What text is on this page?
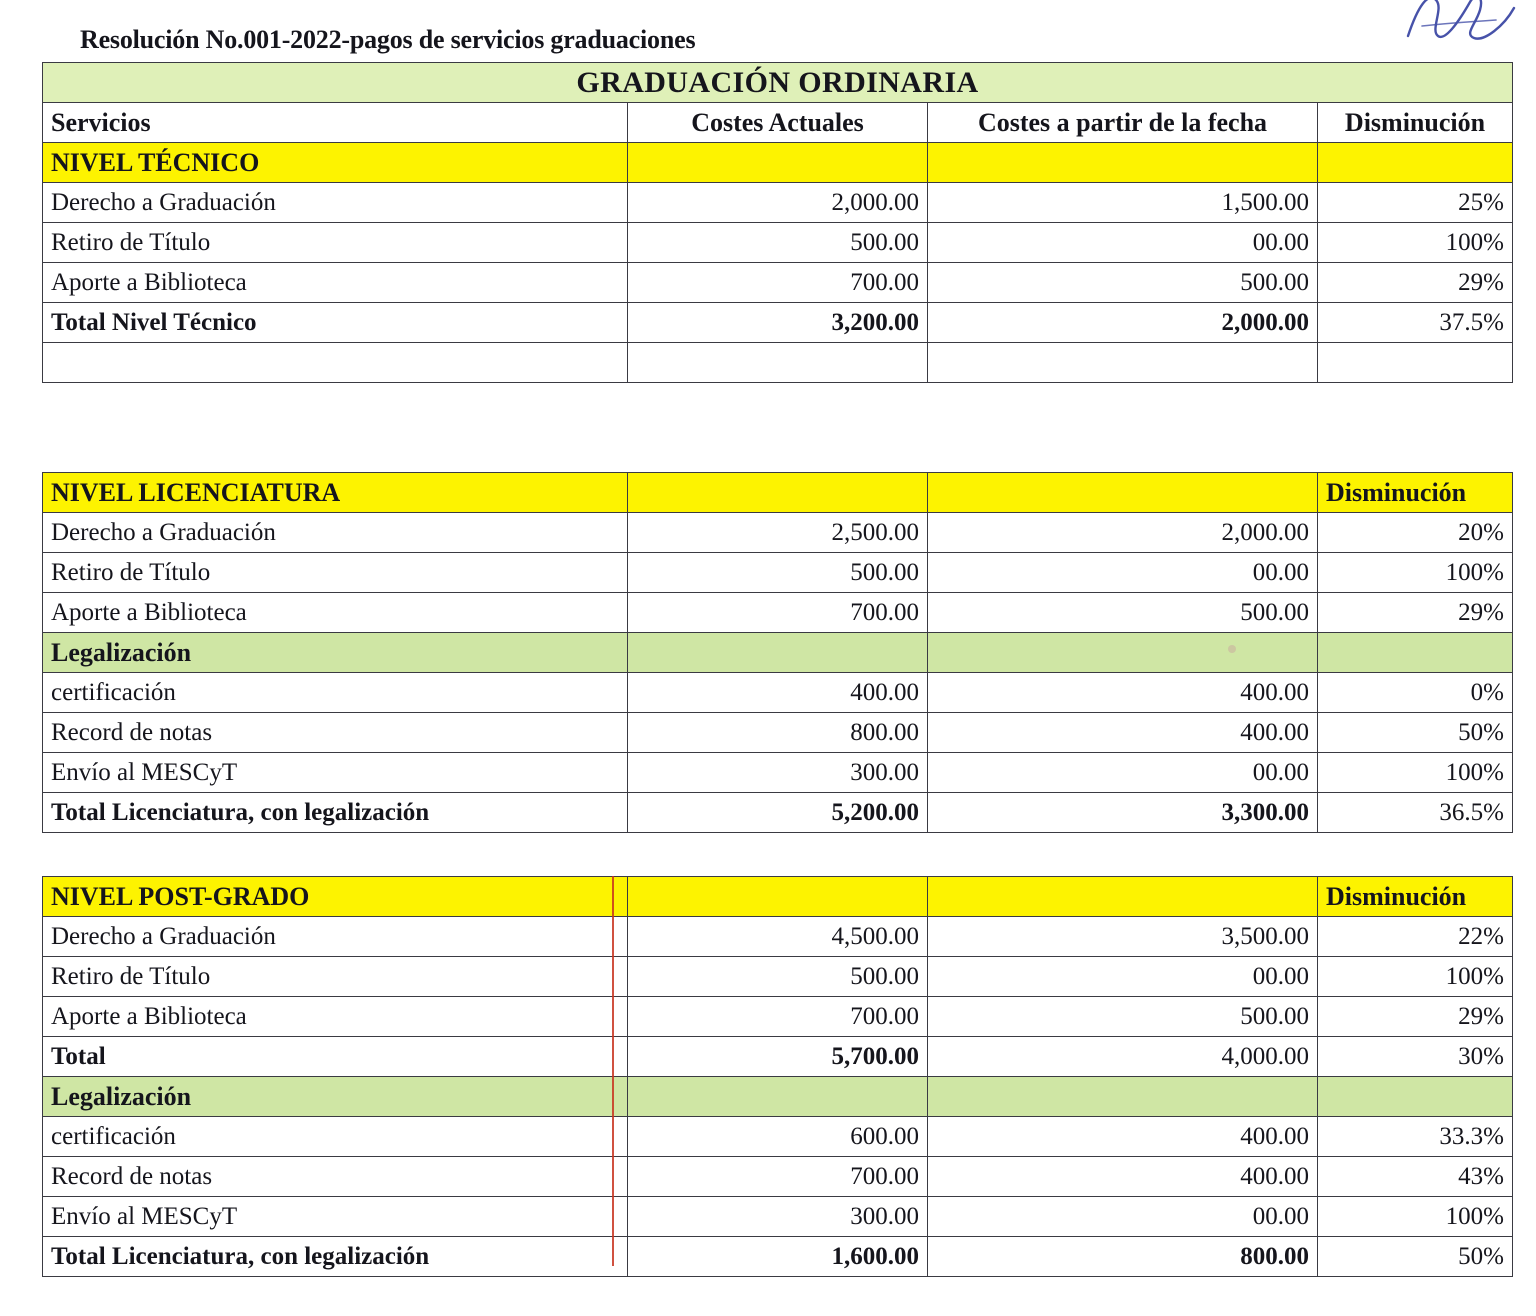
Resolución No.001-2022-pagos de servicios graduaciones
GRADUACIÓN ORDINARIA			
Servicios	Costes Actuales	Costes a partir de la fecha	Disminución
NIVEL TÉCNICO			
Derecho a Graduación	2,000.00	1,500.00	25%
Retiro de Título	500.00	00.00	100%
Aporte a Biblioteca	700.00	500.00	29%
Total Nivel Técnico	3,200.00	2,000.00	37.5%

NIVEL LICENCIATURA			Disminución
Derecho a Graduación	2,500.00	2,000.00	20%
Retiro de Título	500.00	00.00	100%
Aporte a Biblioteca	700.00	500.00	29%
Legalización			
certificación	400.00	400.00	0%
Record de notas	800.00	400.00	50%
Envío al MESCyT	300.00	00.00	100%
Total Licenciatura, con legalización	5,200.00	3,300.00	36.5%
NIVEL POST-GRADO			Disminución
Derecho a Graduación	4,500.00	3,500.00	22%
Retiro de Título	500.00	00.00	100%
Aporte a Biblioteca	700.00	500.00	29%
Total	5,700.00	4,000.00	30%
Legalización			
certificación	600.00	400.00	33.3%
Record de notas	700.00	400.00	43%
Envío al MESCyT	300.00	00.00	100%
Total Licenciatura, con legalización	1,600.00	800.00	50%
